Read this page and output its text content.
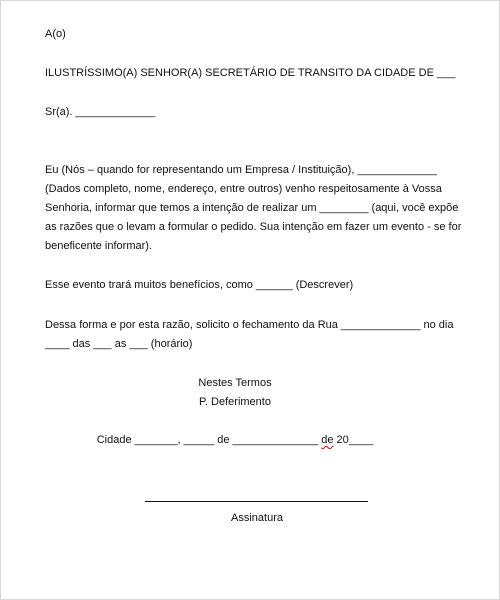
A(o)
ILUSTRÍSSIMO(A) SENHOR(A) SECRETÁRIO DE TRANSITO DA CIDADE DE ___
Sr(a). _____________
Eu (Nós – quando for representando um Empresa / Instituição), _____________
(Dados completo, nome, endereço, entre outros) venho respeitosamente à Vossa
Senhoria, informar que temos a intenção de realizar um ________ (aqui, você expõe
as razões que o levam a formular o pedido. Sua intenção em fazer um evento - se for
beneficente informar).
Esse evento trará muitos benefícios, como ______ (Descrever)
Dessa forma e por esta razão, solicito o fechamento da Rua _____________ no dia
____ das ___ as ___ (horário)
Nestes Termos
P. Deferimento
Cidade _______, _____ de ______________ de 20____
Assinatura
